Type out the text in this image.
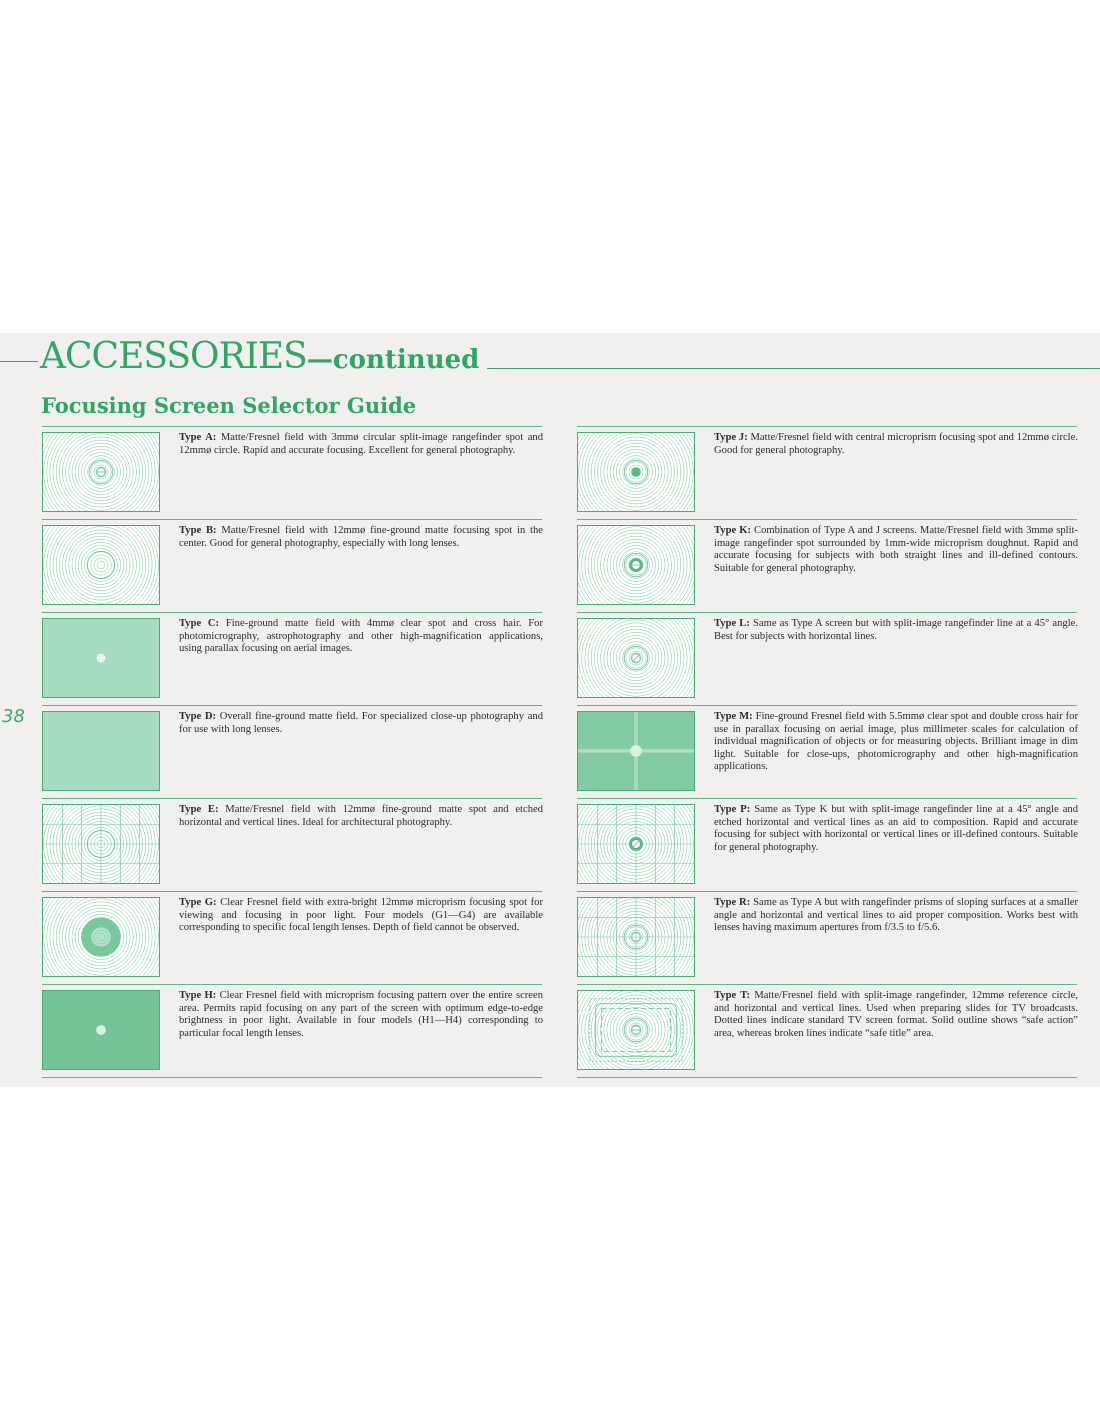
ACCESSORIES—continued
Focusing Screen Selector Guide
38
Type A: Matte/Fresnel field with 3mmø circular split-image rangefinder spot and 12mmø circle. Rapid and accurate focusing. Excellent for general photography.
Type B: Matte/Fresnel field with 12mmø fine-ground matte focusing spot in the center. Good for general photography, especially with long lenses.
Type C: Fine-ground matte field with 4mmø clear spot and cross hair. For photomicrography, astrophotography and other high-magnification applications, using parallax focusing on aerial images.
Type D: Overall fine-ground matte field. For specialized close-up photography and for use with long lenses.
Type E: Matte/Fresnel field with 12mmø fine-ground matte spot and etched horizontal and vertical lines. Ideal for architectural photography.
Type G: Clear Fresnel field with extra-bright 12mmø microprism focusing spot for viewing and focusing in poor light. Four models (G1—G4) are available corresponding to specific focal length lenses. Depth of field cannot be observed.
Type H: Clear Fresnel field with microprism focusing pattern over the entire screen area. Permits rapid focusing on any part of the screen with optimum edge-to-edge brightness in poor light. Available in four models (H1—H4) corresponding to particular focal length lenses.
Type J: Matte/Fresnel field with central microprism focusing spot and 12mmø circle. Good for general photography.
Type K: Combination of Type A and J screens. Matte/Fresnel field with 3mmø split-image rangefinder spot surrounded by 1mm-wide microprism doughnut. Rapid and accurate focusing for subjects with both straight lines and ill-defined contours. Suitable for general photography.
Type L: Same as Type A screen but with split-image rangefinder line at a 45° angle. Best for subjects with horizontal lines.
Type M: Fine-ground Fresnel field with 5.5mmø clear spot and double cross hair for use in parallax focusing on aerial image, plus millimeter scales for calculation of individual magnification of objects or for measuring objects. Brilliant image in dim light. Suitable for close-ups, photomicrography and other high-magnification applications.
Type P: Same as Type K but with split-image rangefinder line at a 45° angle and etched horizontal and vertical lines as an aid to composition. Rapid and accurate focusing for subject with horizontal or vertical lines or ill-defined contours. Suitable for general photography.
Type R: Same as Type A but with rangefinder prisms of sloping surfaces at a smaller angle and horizontal and vertical lines to aid proper composition. Works best with lenses having maximum apertures from f/3.5 to f/5.6.
Type T: Matte/Fresnel field with split-image rangefinder, 12mmø reference circle, and horizontal and vertical lines. Used when preparing slides for TV broadcasts. Dotted lines indicate standard TV screen format. Solid outline shows “safe action” area, whereas broken lines indicate “safe title” area.
